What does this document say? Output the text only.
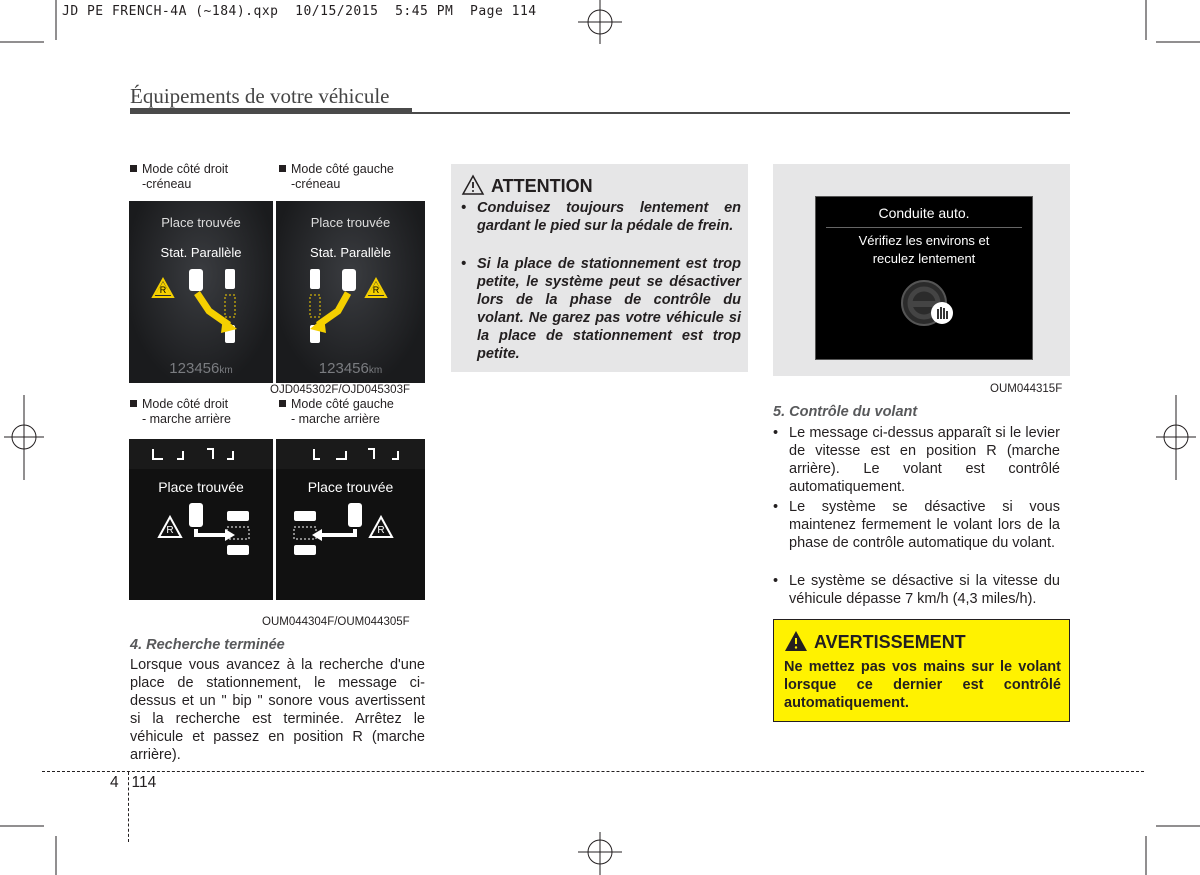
JD PE FRENCH-4A (~184).qxp  10/15/2015  5:45 PM  Page 114
Équipements de votre véhicule
Mode côté droit
-créneau
Mode côté gauche
-créneau
Place trouvée
Stat. Parallèle
R
123456km
Place trouvée
Stat. Parallèle
R
123456km
OJD045302F/OJD045303F
Mode côté droit
- marche arrière
Mode côté gauche
- marche arrière
Place trouvée
R
Place trouvée
R
OUM044304F/OUM044305F
4. Recherche terminée
Lorsque vous avancez à la recherche d'une place de stationnement, le message ci-dessus et un " bip " sonore vous avertissent si la recherche est terminée. Arrêtez le véhicule et passez en position R (marche arrière).
ATTENTION
• Conduisez toujours lentement en gardant le pied sur la pédale de frein.
• Si la place de stationnement est trop petite, le système peut se désactiver lors de la phase de contrôle du volant. Ne garez pas votre véhicule si la place de stationnement est trop petite.
Conduite auto.
Vérifiez les environs et
reculez lentement
OUM044315F
5. Contrôle du volant
• Le message ci-dessus apparaît si le levier de vitesse est en position R (marche arrière). Le volant est contrôlé automatiquement.
• Le système se désactive si vous maintenez fermement le volant lors de la phase de contrôle automatique du volant.
• Le système se désactive si la vitesse du véhicule dépasse 7 km/h (4,3 miles/h).
AVERTISSEMENT
Ne mettez pas vos mains sur le volant lorsque ce dernier est contrôlé automatiquement.
4 114
